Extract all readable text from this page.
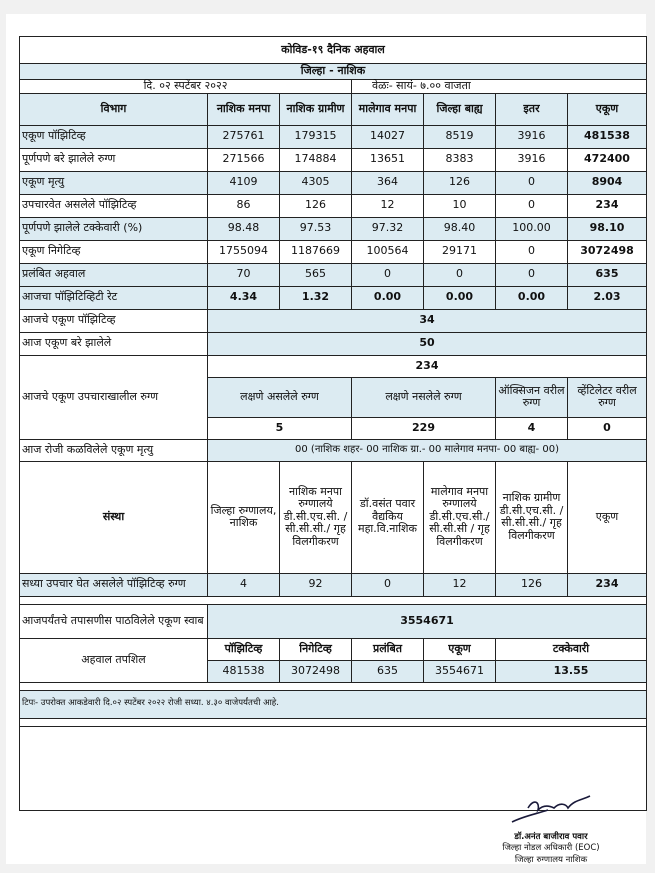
कोविड-१९ दैनिक अहवाल						
जिल्हा - नाशिक						
दि. ०२ स्पटेंबर २०२२			वेळः- सायं- ७.०० वाजता			
विभाग	नाशिक मनपा	नाशिक ग्रामीण	मालेगाव मनपा	जिल्हा बाह्य	इतर	एकूण
एकूण पॉझिटिव्ह	275761	179315	14027	8519	3916	481538
पूर्णपणे बरे झालेले रुग्ण	271566	174884	13651	8383	3916	472400
एकूण मृत्यु	4109	4305	364	126	0	8904
उपचारवेत असलेले पॉझिटिव्ह	86	126	12	10	0	234
पूर्णपणे झालेले टक्केवारी (%)	98.48	97.53	97.32	98.40	100.00	98.10
एकूण निगेटिव्ह	1755094	1187669	100564	29171	0	3072498
प्रलंबित अहवाल	70	565	0	0	0	635
आजचा पॉझिटिव्हिटी रेट	4.34	1.32	0.00	0.00	0.00	2.03
आजचे एकूण पॉझिटिव्ह	34					
आज एकूण बरे झालेले	50					
आजचे एकूण उपचाराखालील रुग्ण	234					
	लक्षणे असलेले रुग्ण		लक्षणे नसलेले रुग्ण		ऑक्सिजन वरील रुग्ण	व्हेंटिलेटर वरील रुग्ण
	5		229		4	0
आज रोजी कळविलेले एकूण मृत्यु	00 (नाशिक शहर- 00 नाशिक ग्रा.- 00 मालेगाव मनपा- 00 बाह्य- 00)					
संस्था	जिल्हा रुग्णालय, नाशिक	नाशिक मनपा रुग्णालये डी.सी.एच.सी. / सी.सी.सी./ गृह विलगीकरण	डॉ.वसंत पवार वैद्यकिय महा.वि.नाशिक	मालेगाव मनपा रुग्णालये डी.सी.एच.सी./ सी.सी.सी / गृह विलगीकरण	नाशिक ग्रामीण डी.सी.एच.सी. /सी.सी.सी./ गृह विलगीकरण	एकूण
सध्या उपचार घेत असलेले पॉझिटिव्ह रुग्ण	4	92	0	12	126	234

आजपर्यंतचे तपासणीस पाठविलेले एकूण स्वाब	3554671					
अहवाल तपशिल	पॉझिटिव्ह	निगेटिव्ह	प्रलंबित	एकूण	टक्केवारी	
	481538	3072498	635	3554671	13.55	

टिपः- उपरोक्त आकडेवारी दि.०२ स्पटेंबर २०२२ रोजी सध्या. ४.३० वाजेपर्यंतची आहे.						

डॉ.अनंत बाजीराव पवार
जिल्हा नोडल अधिकारी (EOC)
जिल्हा रुग्णालय नाशिक
